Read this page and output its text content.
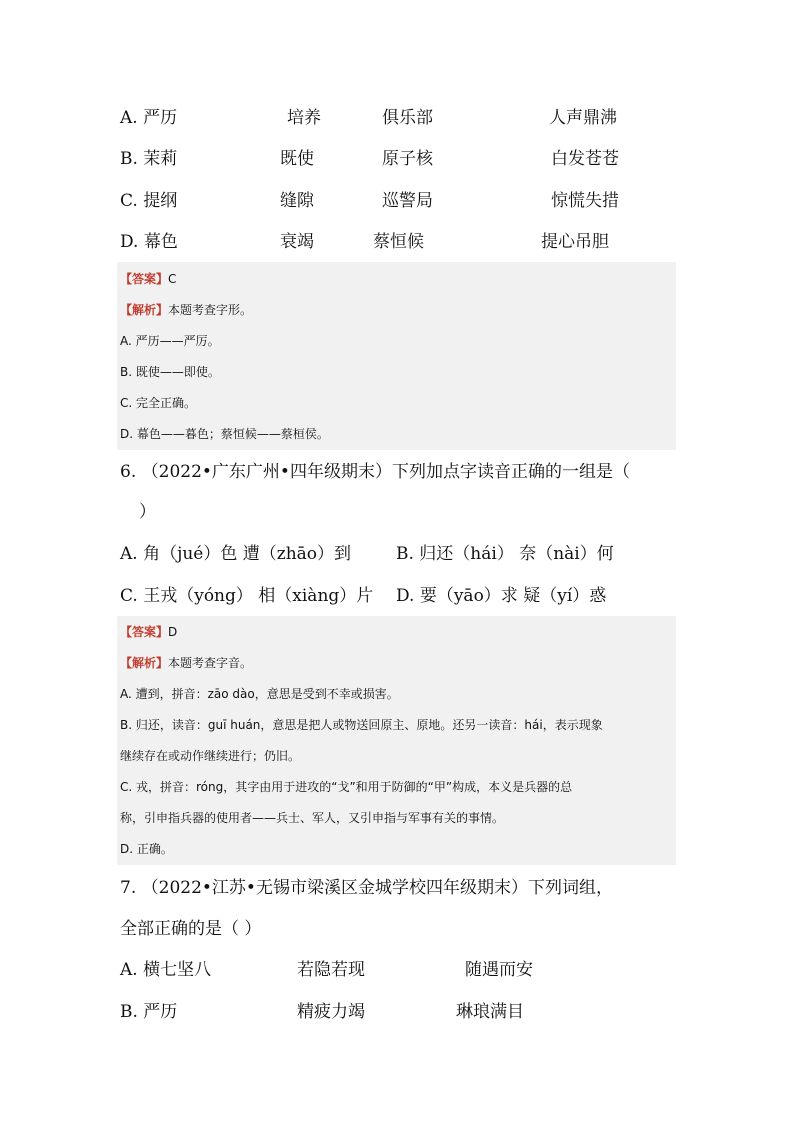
A. 严历	培养	俱乐部	人声鼎沸
B. 茉莉	既使	原子核	白发苍苍
C. 提纲	缝隙	巡警局	惊慌失措
D. 幕色	衰竭	蔡恒候	提心吊胆
【答案】C
【解析】本题考查字形。
A. 严历——严厉。
B. 既使——即使。
C. 完全正确。
D. 幕色——暮色；蔡恒候——蔡桓侯。
6. （2022•广东广州•四年级期末）下列加点字读音正确的一组是（
）
A. 角（jué）色 遭（zhāo）到	B. 归还（hái） 奈（nài）何
C. 王戎（yóng） 相（xiàng）片 D. 要（yāo）求 疑（yí）惑
【答案】D
【解析】本题考查字音。
A. 遭到，拼音：zāo dào，意思是受到不幸或损害。
B. 归还，读音：guī huán，意思是把人或物送回原主、原地。还另一读音：hái，表示现象
继续存在或动作继续进行；仍旧。
C. 戎，拼音：róng，其字由用于进攻的“戈”和用于防御的“甲”构成，本义是兵器的总
称，引申指兵器的使用者——兵士、军人，又引申指与军事有关的事情。
D. 正确。
7. （2022•江苏•无锡市梁溪区金城学校四年级期末）下列词组，
全部正确的是（ ）
A. 横七坚八	若隐若现	随遇而安
B. 严历	精疲力竭	琳琅满目
